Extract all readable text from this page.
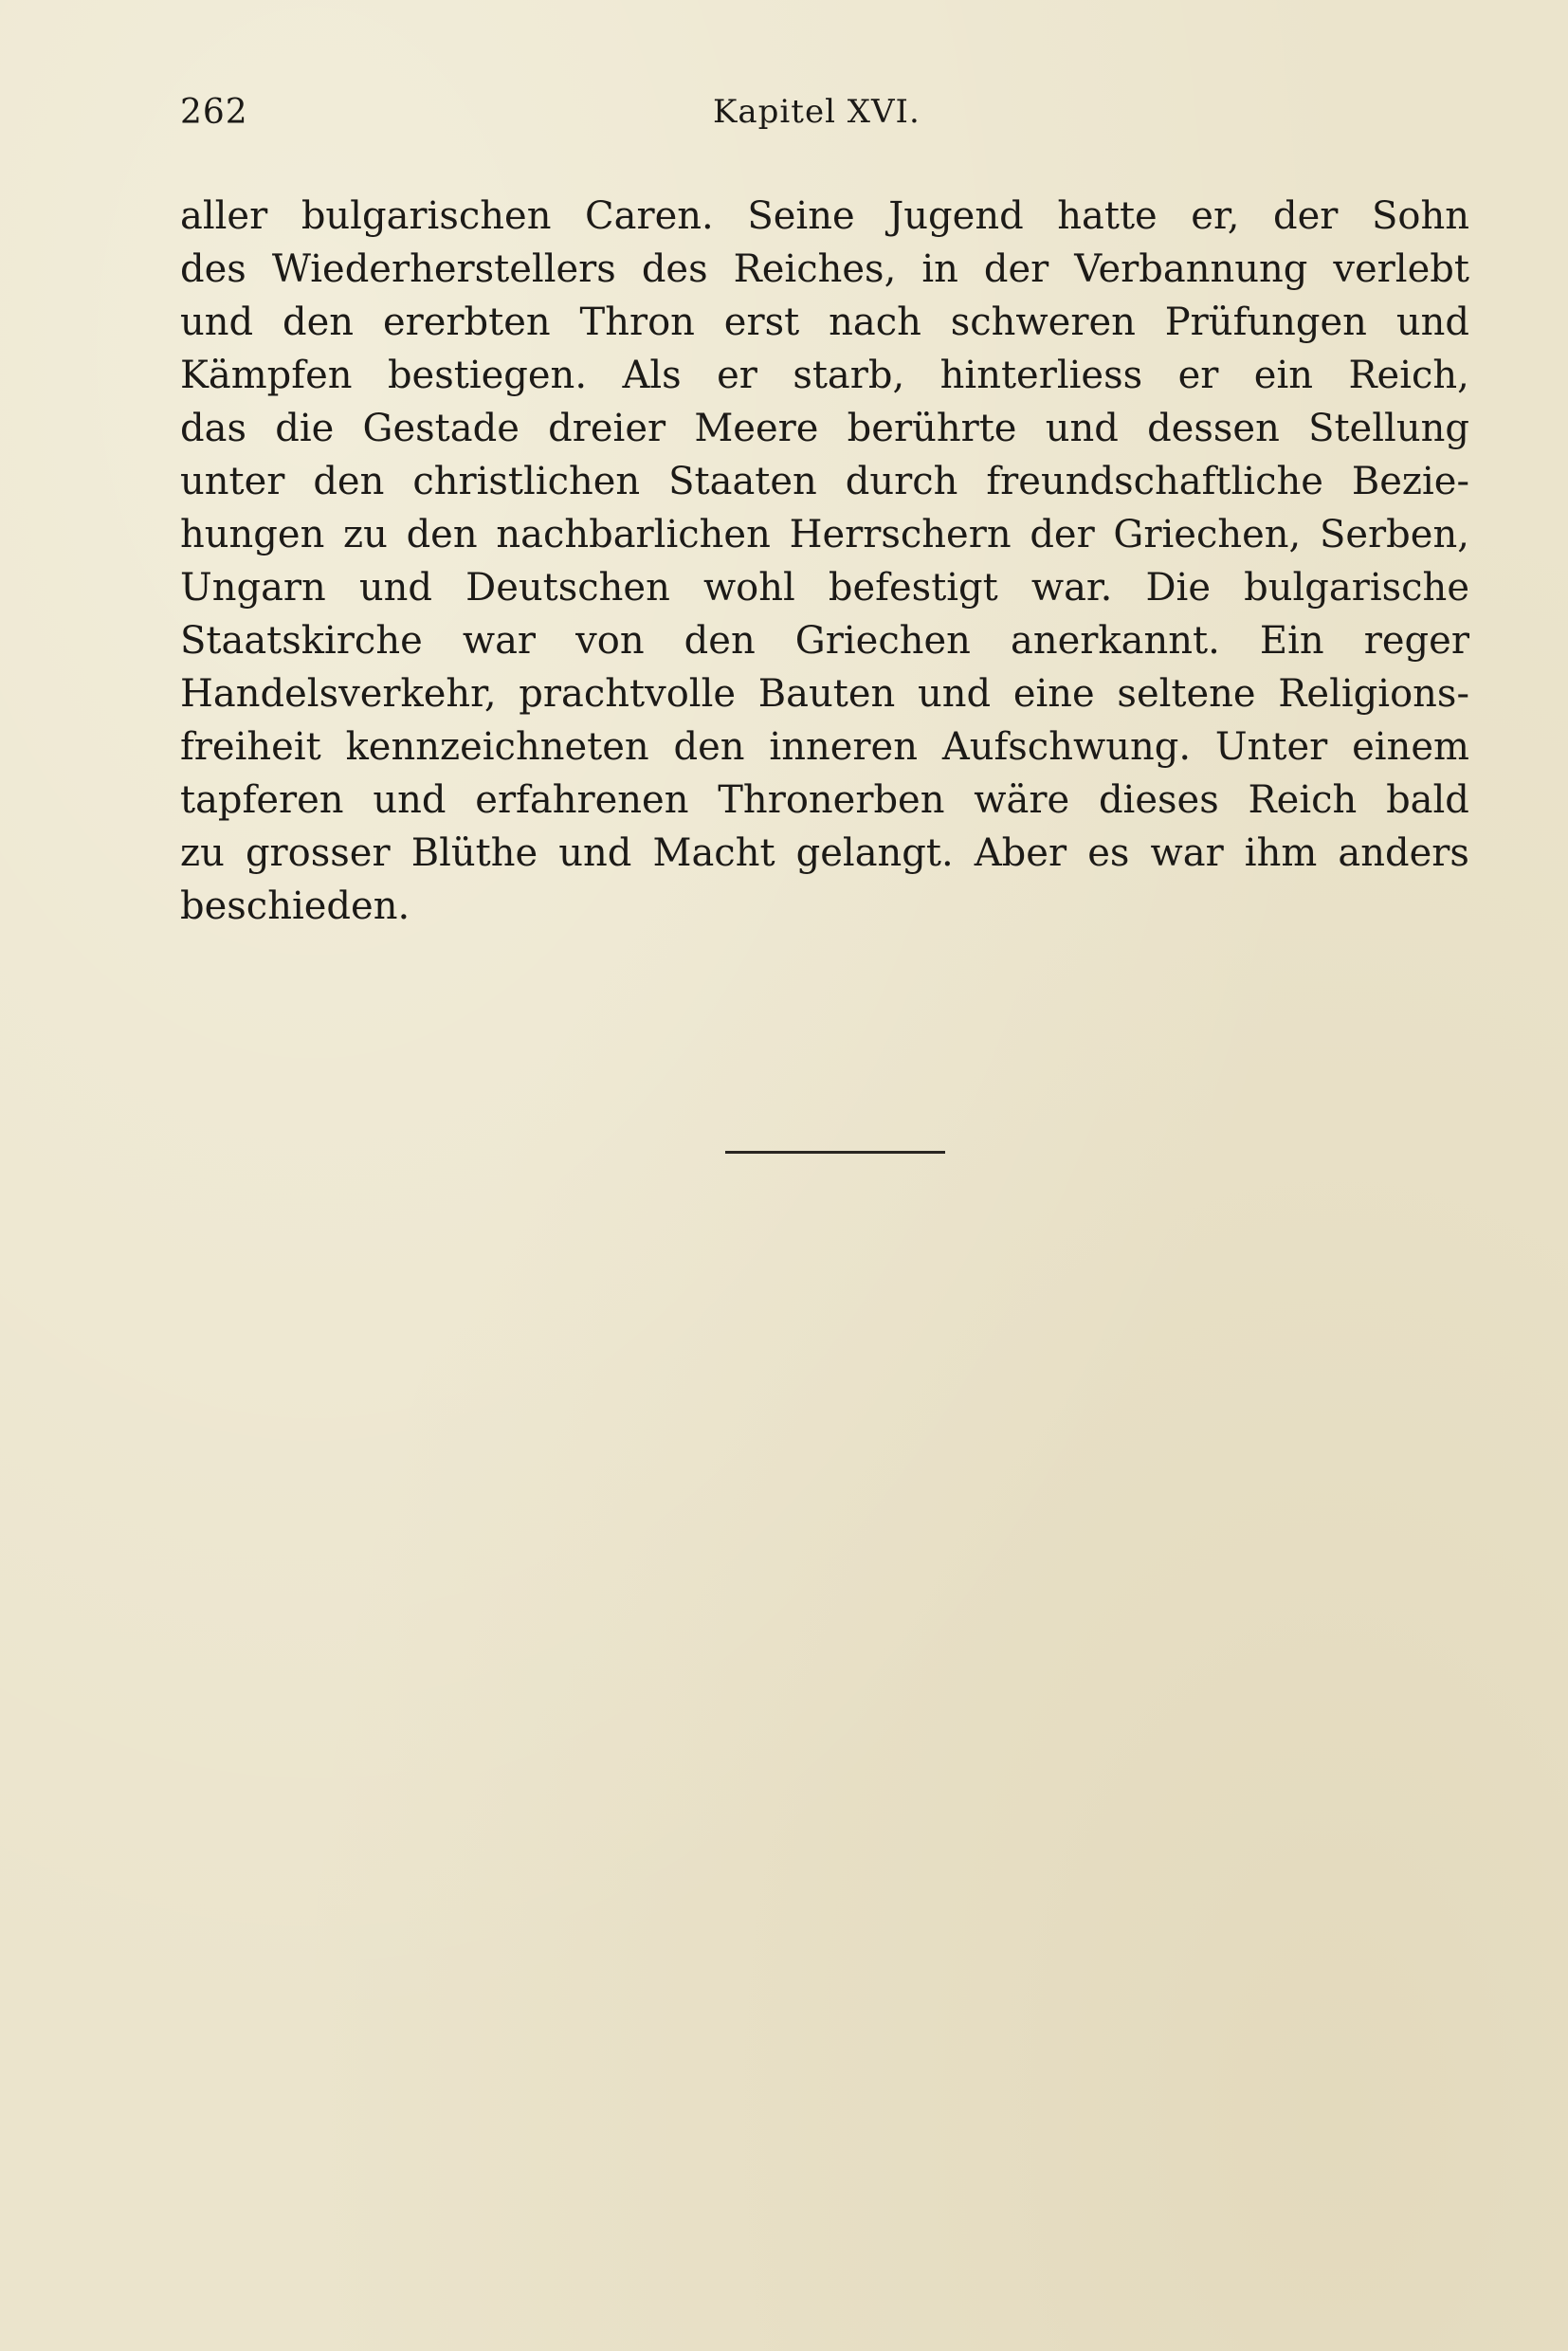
262	Kapitel XVI.
aller bulgarischen Caren. Seine Jugend hatte er, der Sohn
des Wiederherstellers des Reiches, in der Verbannung verlebt
und den ererbten Thron erst nach schweren Prüfungen und
Kämpfen bestiegen. Als er starb, hinterliess er ein Reich,
das die Gestade dreier Meere berührte und dessen Stellung
unter den christlichen Staaten durch freundschaftliche Bezie-
hungen zu den nachbarlichen Herrschern der Griechen, Serben,
Ungarn und Deutschen wohl befestigt war. Die bulgarische
Staatskirche war von den Griechen anerkannt. Ein reger
Handelsverkehr, prachtvolle Bauten und eine seltene Religions-
freiheit kennzeichneten den inneren Aufschwung. Unter einem
tapferen und erfahrenen Thronerben wäre dieses Reich bald
zu grosser Blüthe und Macht gelangt. Aber es war ihm anders
beschieden.
